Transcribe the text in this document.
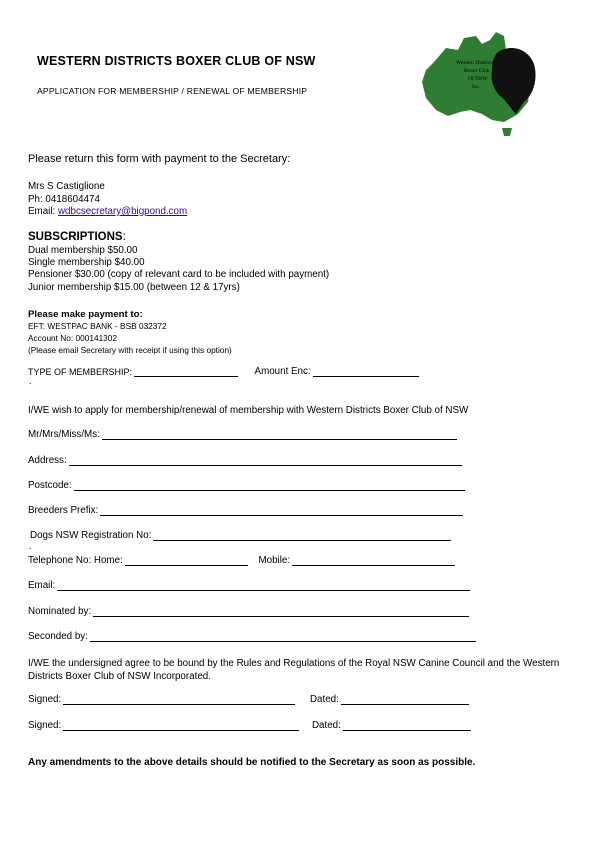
WESTERN DISTRICTS BOXER CLUB OF NSW
APPLICATION FOR MEMBERSHIP / RENEWAL OF MEMBERSHIP
Western Districts
Boxer Club
Of NSW
Inc.
Please return this form with payment to the Secretary:
Mrs S Castiglione
Ph: 0418604474
Email: wdbcsecretary@bigpond.com
SUBSCRIPTIONS:
Dual membership $50.00
Single membership $40.00
Pensioner $30.00 (copy of relevant card to be included with payment)
Junior membership $15.00 (between 12 & 17yrs)
Please make payment to:
EFT: WESTPAC BANK - BSB 032372
Account No: 000141302
(Please email Secretary with receipt if using this option)
TYPE OF MEMBERSHIP:	Amount Enc:
.
I/WE wish to apply for membership/renewal of membership with Western Districts Boxer Club of NSW
Mr/Mrs/Miss/Ms:
Address:
Postcode:
Breeders Prefix:
Dogs NSW Registration No:
.
Telephone No: Home:	Mobile:
Email:
Nominated by:
Seconded by:
I/WE the undersigned agree to be bound by the Rules and Regulations of the Royal NSW Canine Council and the Western Districts Boxer Club of NSW Incorporated.
Signed:	Dated:
Signed:	Dated:
Any amendments to the above details should be notified to the Secretary as soon as possible.
